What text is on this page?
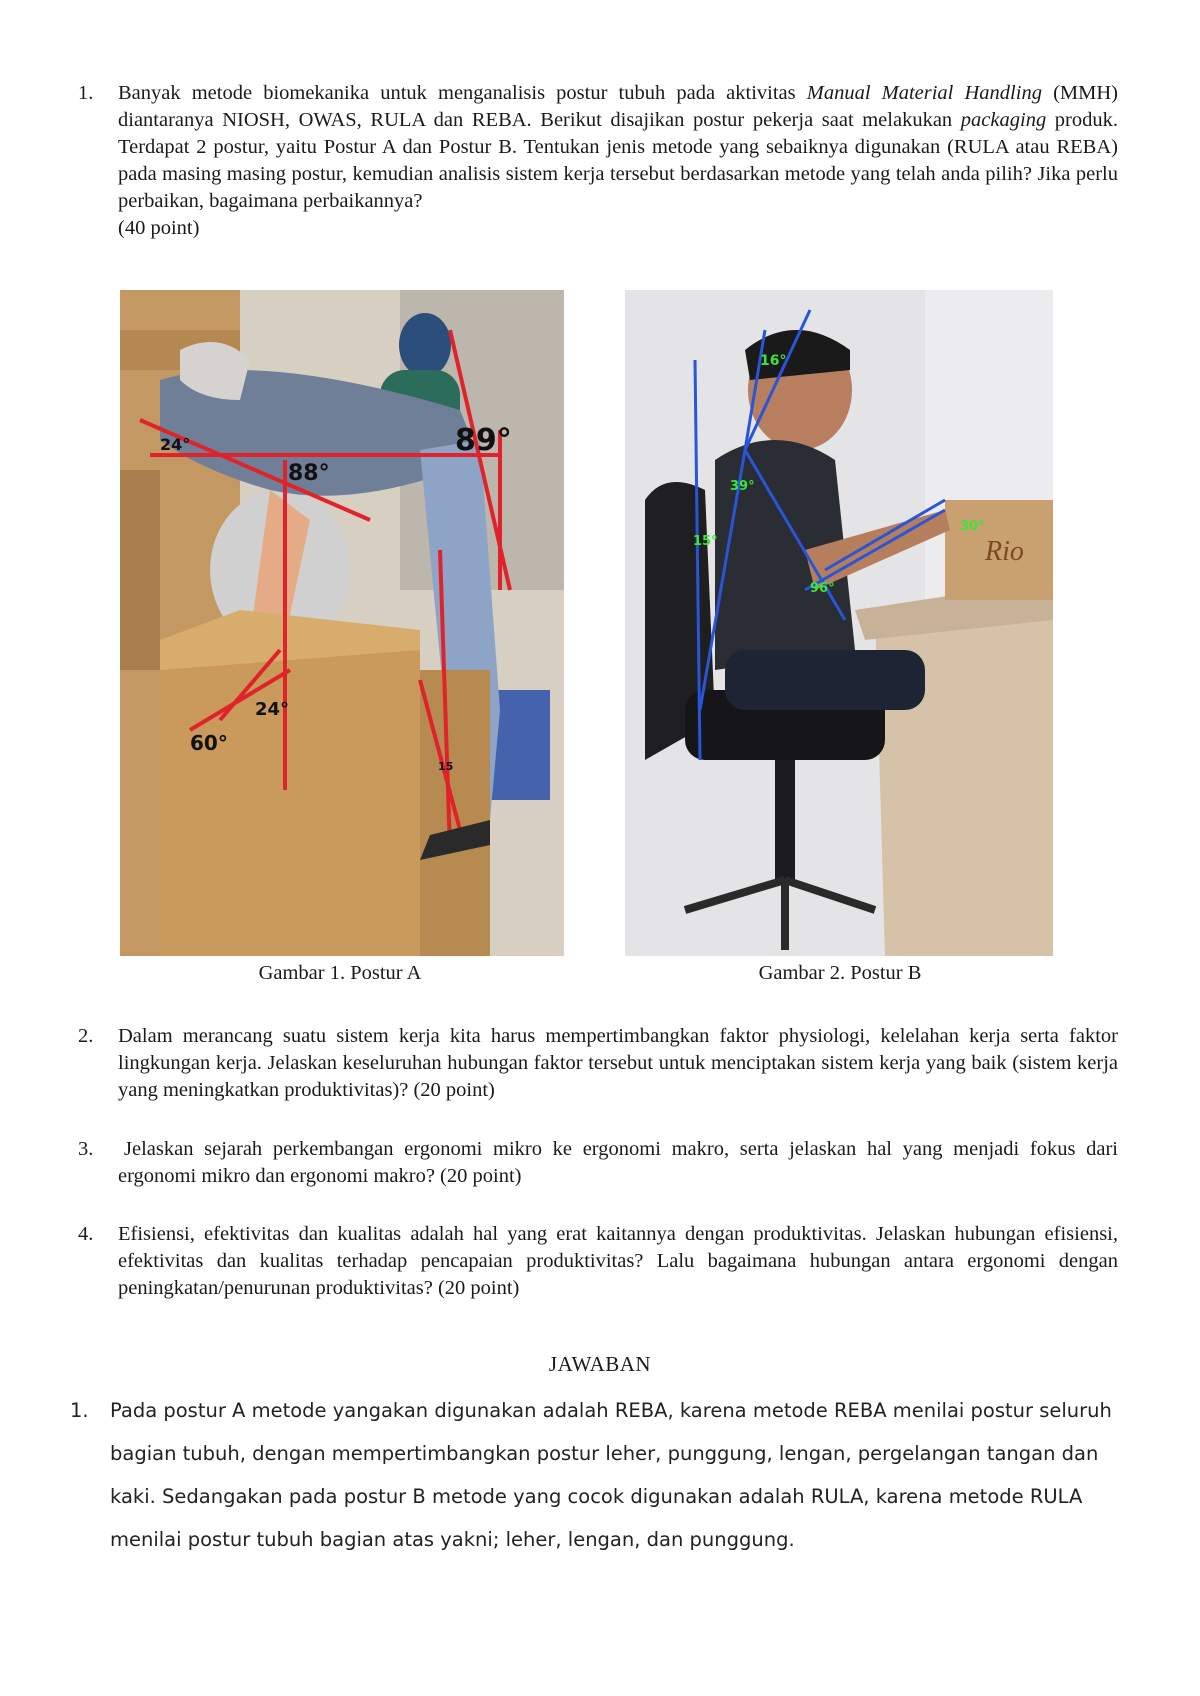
1. Banyak metode biomekanika untuk menganalisis postur tubuh pada aktivitas Manual Material Handling (MMH) diantaranya NIOSH, OWAS, RULA dan REBA. Berikut disajikan postur pekerja saat melakukan packaging produk. Terdapat 2 postur, yaitu Postur A dan Postur B. Tentukan jenis metode yang sebaiknya digunakan (RULA atau REBA) pada masing masing postur, kemudian analisis sistem kerja tersebut berdasarkan metode yang telah anda pilih? Jika perlu perbaikan, bagaimana perbaikannya?
(40 point)
24°	89°
88°
24°
60°
15
Gambar 1. Postur A
Rio
16°
39°
15°
96°
30°
Gambar 2. Postur B
2. Dalam merancang suatu sistem kerja kita harus mempertimbangkan faktor physiologi, kelelahan kerja serta faktor lingkungan kerja. Jelaskan keseluruhan hubungan faktor tersebut untuk menciptakan sistem kerja yang baik (sistem kerja yang meningkatkan produktivitas)? (20 point)
3. Jelaskan sejarah perkembangan ergonomi mikro ke ergonomi makro, serta jelaskan hal yang menjadi fokus dari ergonomi mikro dan ergonomi makro? (20 point)
4. Efisiensi, efektivitas dan kualitas adalah hal yang erat kaitannya dengan produktivitas. Jelaskan hubungan efisiensi, efektivitas dan kualitas terhadap pencapaian produktivitas? Lalu bagaimana hubungan antara ergonomi dengan peningkatan/penurunan produktivitas? (20 point)
JAWABAN
1. Pada postur A metode yangakan digunakan adalah REBA, karena metode REBA menilai postur seluruh bagian tubuh, dengan mempertimbangkan postur leher, punggung, lengan, pergelangan tangan dan kaki. Sedangakan pada postur B metode yang cocok digunakan adalah RULA, karena metode RULA menilai postur tubuh bagian atas yakni; leher, lengan, dan punggung.
